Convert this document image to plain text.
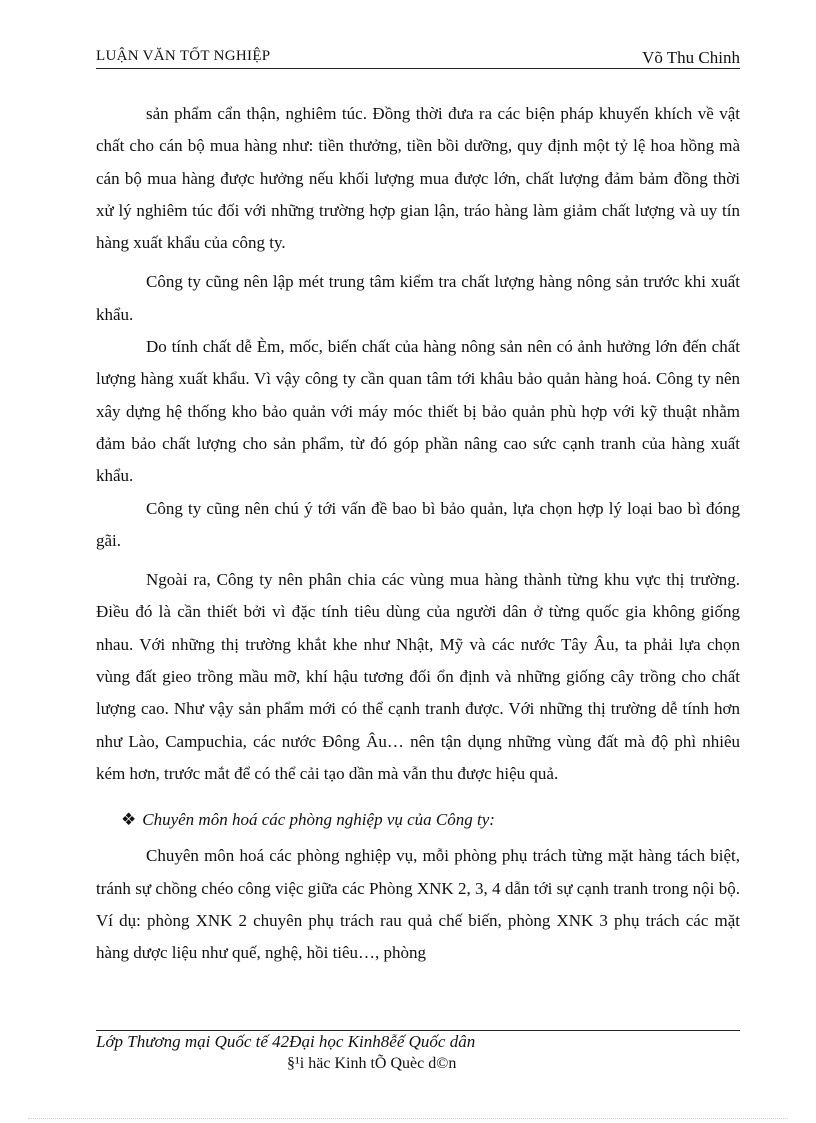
LUẬN VĂN TỐT NGHIỆP	Võ Thu Chinh

sản phẩm cẩn thận, nghiêm túc. Đồng thời đưa ra các biện pháp khuyến khích về vật chất cho cán bộ mua hàng như: tiền thưởng, tiền bồi dưỡng, quy định một tỷ lệ hoa hồng mà cán bộ mua hàng được hưởng nếu khối lượng mua được lớn, chất lượng đảm bảm đồng thời xử lý nghiêm túc đối với những trường hợp gian lận, tráo hàng làm giảm chất lượng và uy tín hàng xuất khẩu của công ty.

Công ty cũng nên lập mét trung tâm kiểm tra chất lượng hàng nông sản trước khi xuất khẩu.

Do tính chất dễ Èm, mốc, biến chất của hàng nông sản nên có ảnh hưởng lớn đến chất lượng hàng xuất khẩu. Vì vậy công ty cần quan tâm tới khâu bảo quản hàng hoá. Công ty nên xây dựng hệ thống kho bảo quản với máy móc thiết bị bảo quản phù hợp với kỹ thuật nhằm đảm bảo chất lượng cho sản phẩm, từ đó góp phần nâng cao sức cạnh tranh của hàng xuất khẩu.

Công ty cũng nên chú ý tới vấn đề bao bì bảo quản, lựa chọn hợp lý loại bao bì đóng gãi.

Ngoài ra, Công ty nên phân chia các vùng mua hàng thành từng khu vực thị trường. Điều đó là cần thiết bởi vì đặc tính tiêu dùng của người dân ở từng quốc gia không giống nhau. Với những thị trường khắt khe như Nhật, Mỹ và các nước Tây Âu, ta phải lựa chọn vùng đất gieo trồng mầu mỡ, khí hậu tương đối ổn định và những giống cây trồng cho chất lượng cao. Như vậy sản phẩm mới có thể cạnh tranh được. Với những thị trường dễ tính hơn như Lào, Campuchia, các nước Đông Âu… nên tận dụng những vùng đất mà độ phì nhiêu kém hơn, trước mắt để có thể cải tạo dần mà vẫn thu được hiệu quả.

❖ Chuyên môn hoá các phòng nghiệp vụ của Công ty:

Chuyên môn hoá các phòng nghiệp vụ, mỗi phòng phụ trách từng mặt hàng tách biệt, tránh sự chồng chéo công việc giữa các Phòng XNK 2, 3, 4 dẫn tới sự cạnh tranh trong nội bộ. Ví dụ: phòng XNK 2 chuyên phụ trách rau quả chế biến, phòng XNK 3 phụ trách các mặt hàng dược liệu như quế, nghệ, hồi tiêu…, phòng

Lớp Thương mại Quốc tế 42Đại học Kinh8ễế Quốc dân
§¹i häc Kinh tÕ Quèc d©n
